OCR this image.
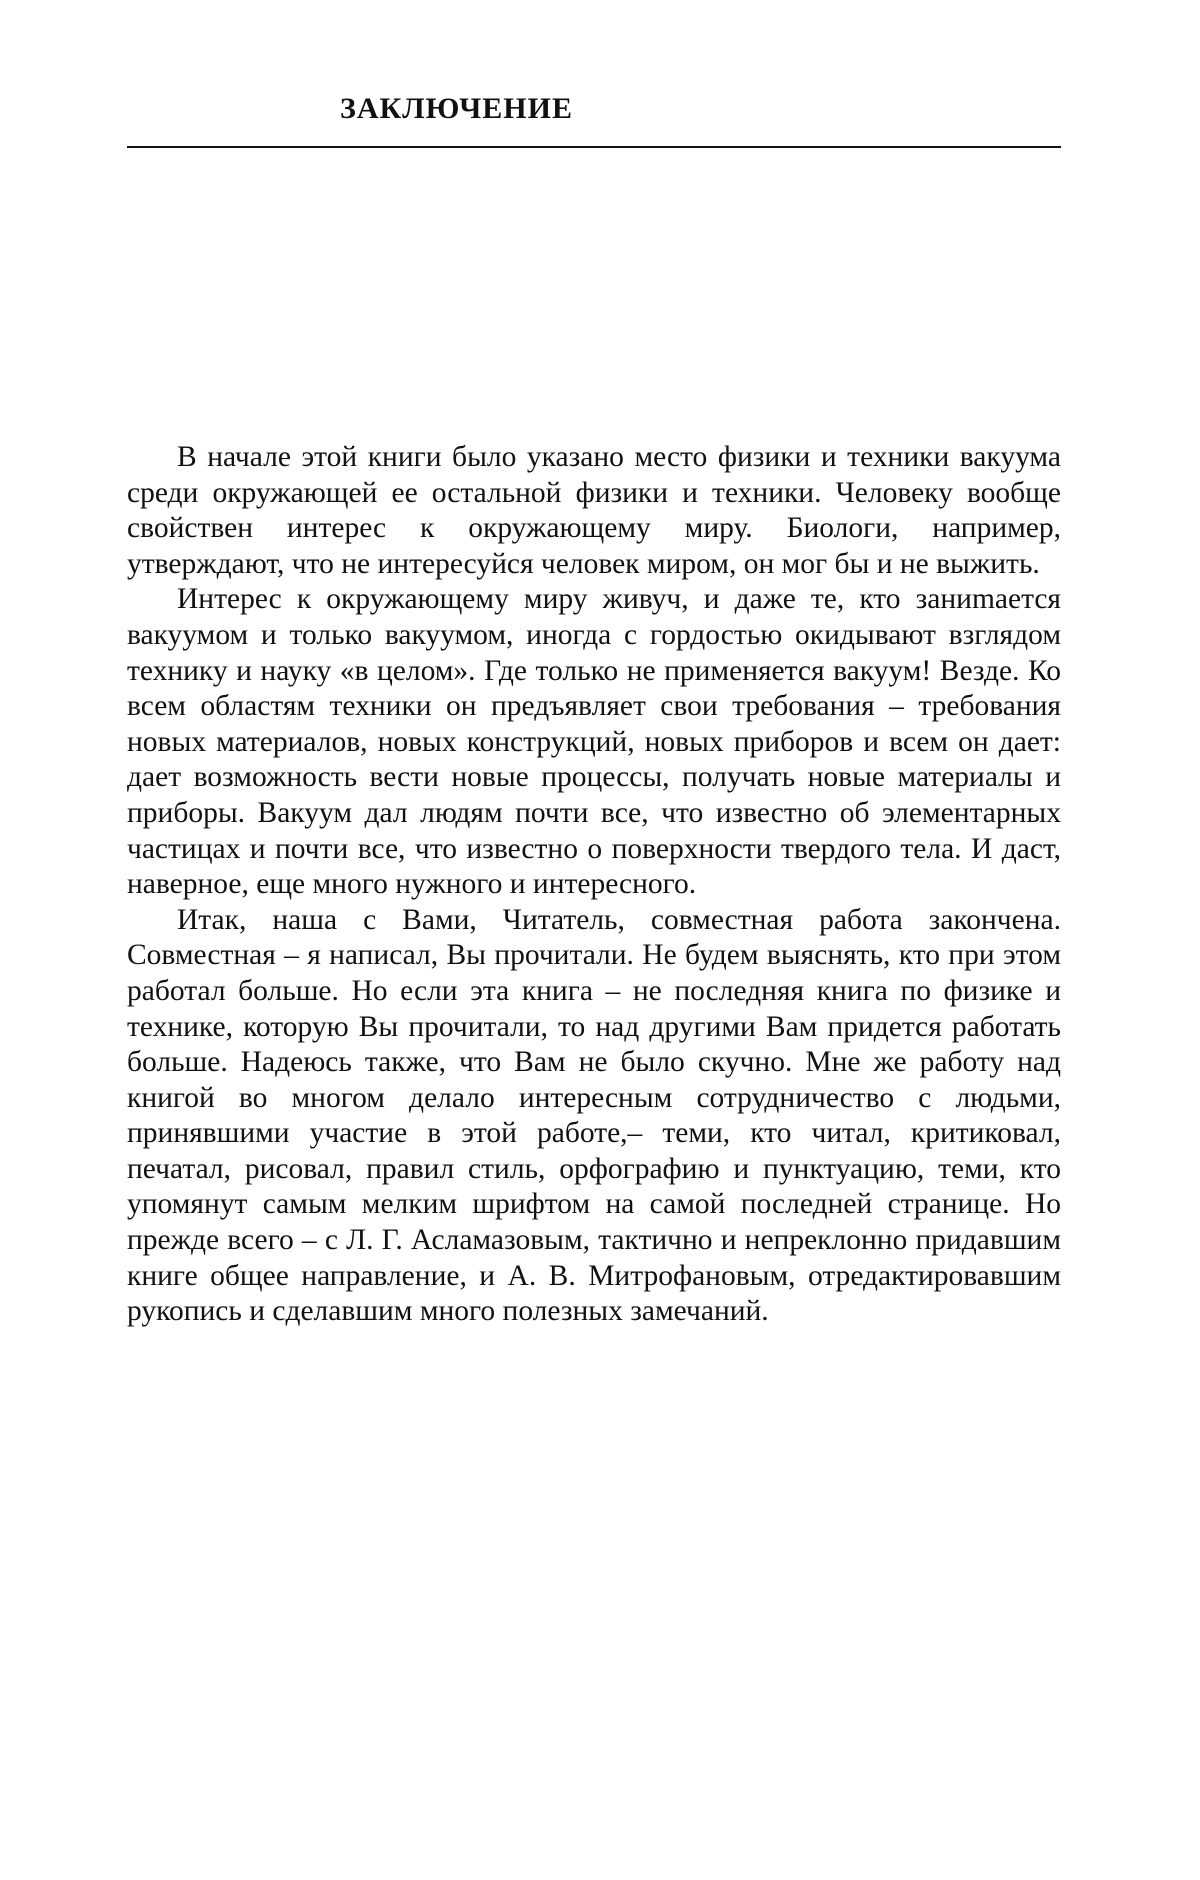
ЗАКЛЮЧЕНИЕ

В начале этой книги было указано место физики и техники вакуума среди окружающей ее остальной физики и техники. Человеку вообще свойствен интерес к окружающему миру. Биологи, например, утверждают, что не интересуйся человек миром, он мог бы и не выжить.

Интерес к окружающему миру живуч, и даже те, кто зани­mается вакуумом и только вакуумом, иногда с гордостью окидывают взглядом технику и науку «в целом». Где только не применяется вакуум! Везде. Ко всем областям техники он предъявляет свои требования – требования новых материалов, новых конструкций, новых приборов и всем он дает: дает возможность вести новые процессы, получать новые мате­риалы и приборы. Вакуум дал людям почти все, что известно об элементарных частицах и почти все, что известно о поверхности твердого тела. И даст, наверное, еще много нужного и интересного.

Итак, наша с Вами, Читатель, совместная работа закон­чена. Совместная – я написал, Вы прочитали. Не будем выяснять, кто при этом работал больше. Но если эта книга – не последняя книга по физике и технике, которую Вы прочи­тали, то над другими Вам придется работать больше. Надеюсь также, что Вам не было скучно. Мне же работу над книгой во многом делало интересным сотрудничество с людьми, принявшими участие в этой работе,– теми, кто читал, критиковал, печатал, рисовал, правил стиль, орфогра­фию и пунктуацию, теми, кто упомянут самым мелким шрифтом на самой последней странице. Но прежде всего – с Л. Г. Асламазовым, тактично и непреклонно придавшим книге общее направление, и А. В. Митрофановым, отредак­тировавшим рукопись и сделавшим много полезных замечаний.
